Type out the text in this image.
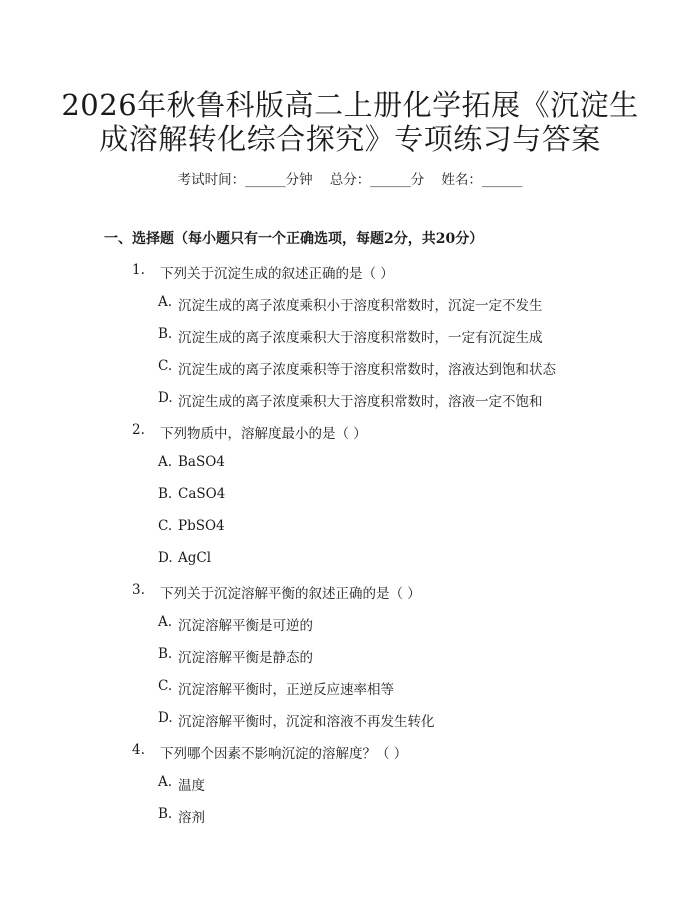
2026年秋鲁科版高二上册化学拓展《沉淀生
成溶解转化综合探究》专项练习与答案
考试时间：______分钟    总分：______分    姓名：______
一、选择题（每小题只有一个正确选项，每题2分，共20分）
1. 下列关于沉淀生成的叙述正确的是（ ）
A. 沉淀生成的离子浓度乘积小于溶度积常数时，沉淀一定不发生
B. 沉淀生成的离子浓度乘积大于溶度积常数时，一定有沉淀生成
C. 沉淀生成的离子浓度乘积等于溶度积常数时，溶液达到饱和状态
D. 沉淀生成的离子浓度乘积大于溶度积常数时，溶液一定不饱和
2. 下列物质中，溶解度最小的是（ ）
A. BaSO4
B. CaSO4
C. PbSO4
D. AgCl
3. 下列关于沉淀溶解平衡的叙述正确的是（ ）
A. 沉淀溶解平衡是可逆的
B. 沉淀溶解平衡是静态的
C. 沉淀溶解平衡时，正逆反应速率相等
D. 沉淀溶解平衡时，沉淀和溶液不再发生转化
4. 下列哪个因素不影响沉淀的溶解度？（ ）
A. 温度
B. 溶剂
